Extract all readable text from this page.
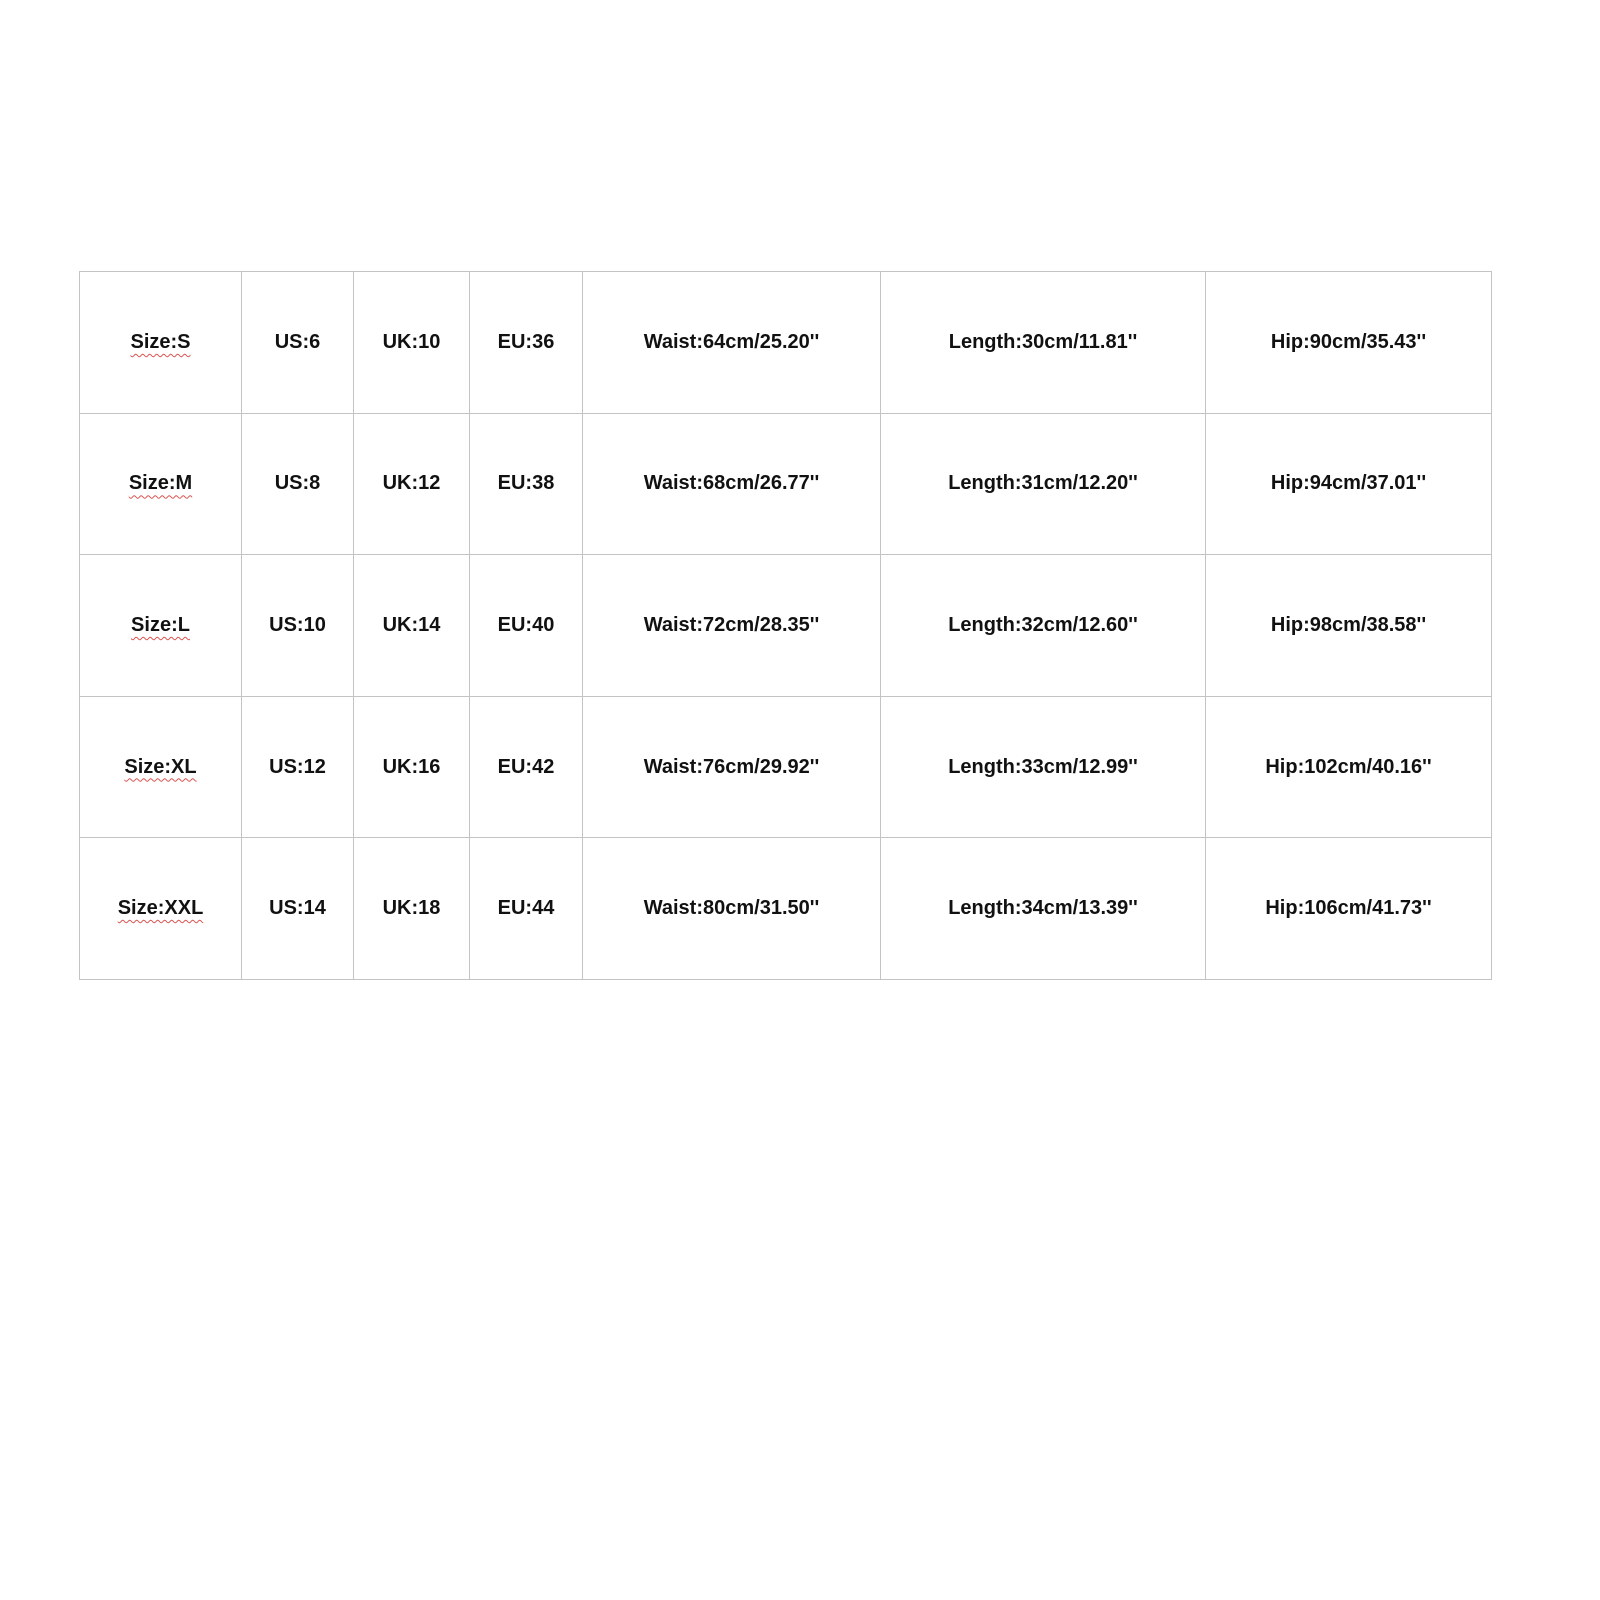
Size:S	US:6	UK:10	EU:36	Waist:64cm/25.20''	Length:30cm/11.81''	Hip:90cm/35.43''
Size:M	US:8	UK:12	EU:38	Waist:68cm/26.77''	Length:31cm/12.20''	Hip:94cm/37.01''
Size:L	US:10	UK:14	EU:40	Waist:72cm/28.35''	Length:32cm/12.60''	Hip:98cm/38.58''
Size:XL	US:12	UK:16	EU:42	Waist:76cm/29.92''	Length:33cm/12.99''	Hip:102cm/40.16''
Size:XXL	US:14	UK:18	EU:44	Waist:80cm/31.50''	Length:34cm/13.39''	Hip:106cm/41.73''
